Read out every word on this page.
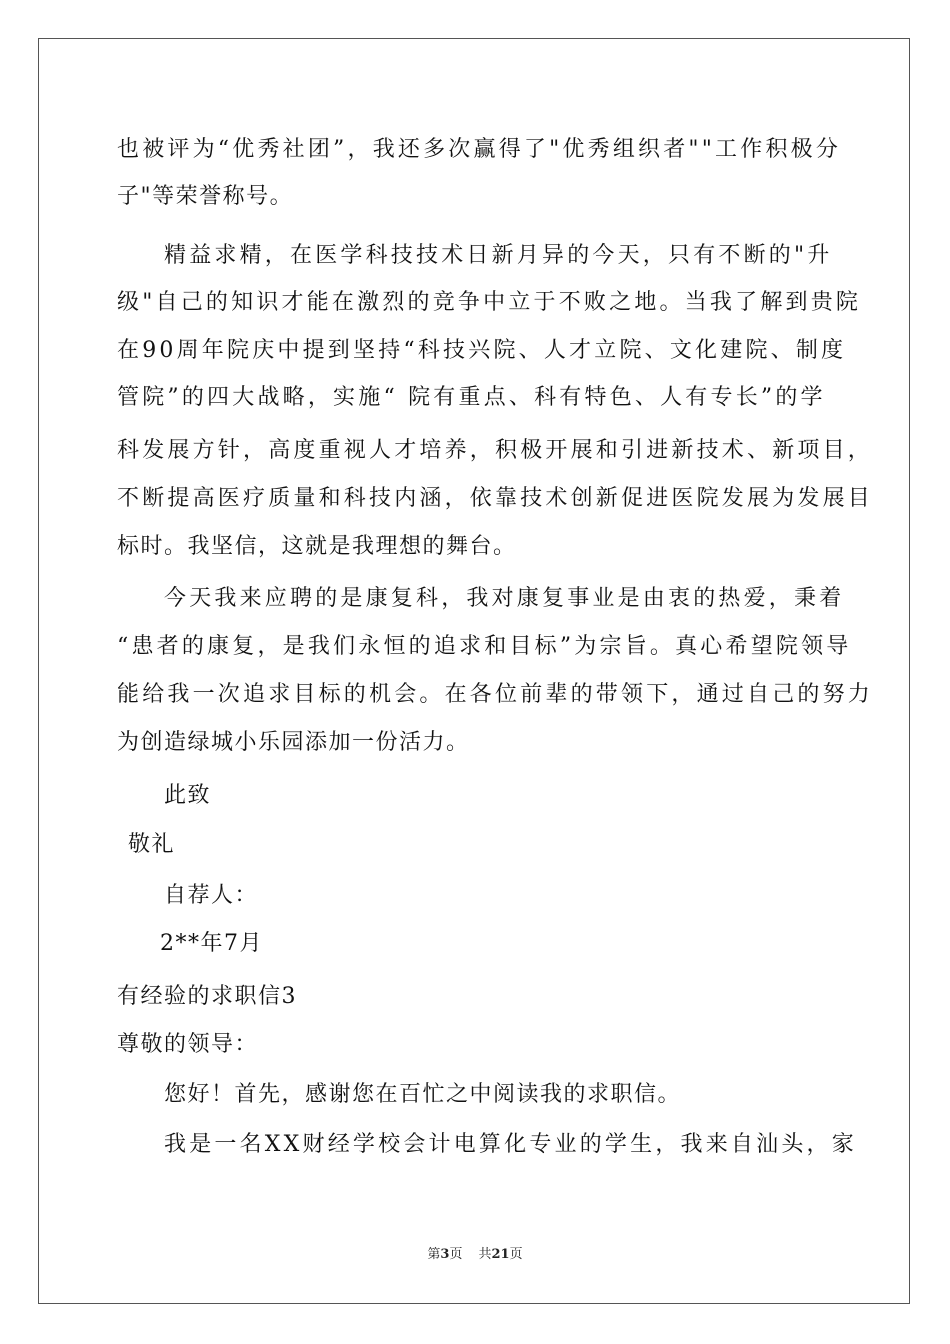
也被评为“优秀社团”，我还多次赢得了"优秀组织者""工作积极分
子"等荣誉称号。
精益求精，在医学科技技术日新月异的今天，只有不断的"升
级"自己的知识才能在激烈的竞争中立于不败之地。当我了解到贵院
在90周年院庆中提到坚持“科技兴院、人才立院、文化建院、制度
管院”的四大战略，实施“ 院有重点、科有特色、人有专长”的学
科发展方针，高度重视人才培养，积极开展和引进新技术、新项目，
不断提高医疗质量和科技内涵，依靠技术创新促进医院发展为发展目
标时。我坚信，这就是我理想的舞台。
今天我来应聘的是康复科，我对康复事业是由衷的热爱，秉着
“患者的康复，是我们永恒的追求和目标”为宗旨。真心希望院领导
能给我一次追求目标的机会。在各位前辈的带领下，通过自己的努力
为创造绿城小乐园添加一份活力。
此致
敬礼
自荐人：
2**年7月
有经验的求职信3
尊敬的领导：
您好！首先，感谢您在百忙之中阅读我的求职信。
我是一名XX财经学校会计电算化专业的学生，我来自汕头，家
第3页 共21页
